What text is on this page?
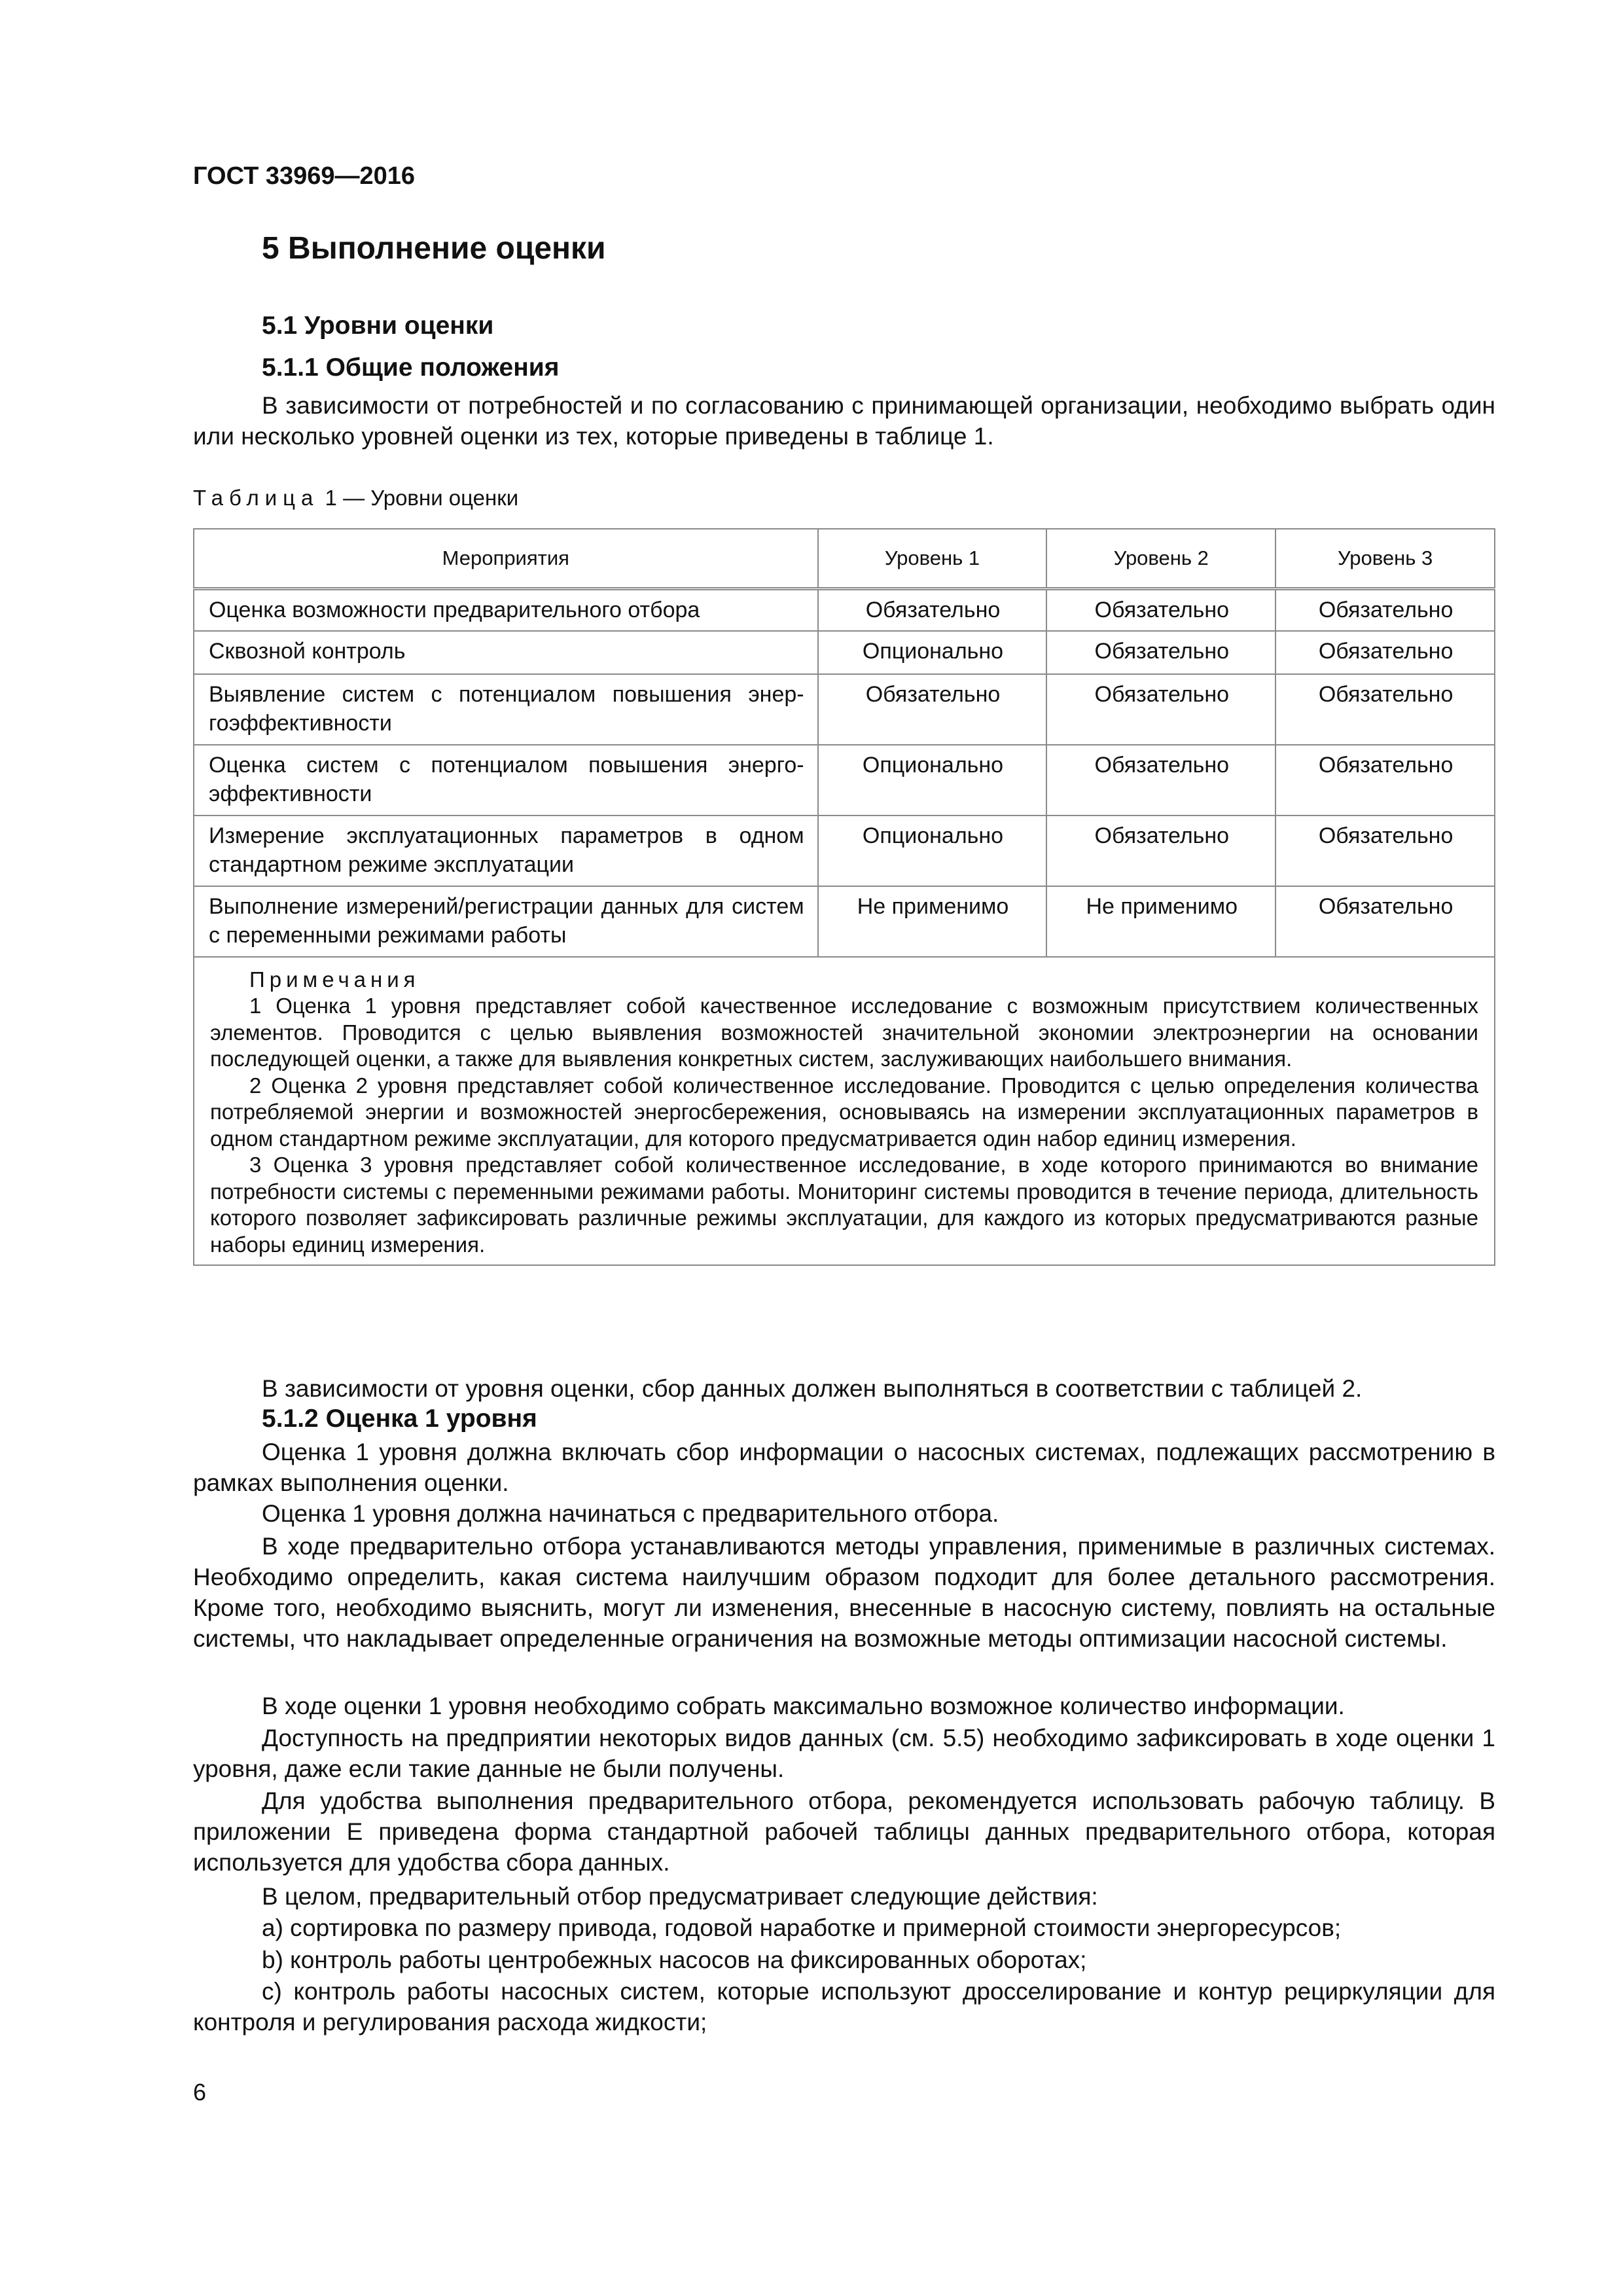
ГОСТ 33969—2016
5 Выполнение оценки
5.1 Уровни оценки
5.1.1 Общие положения
В зависимости от потребностей и по согласованию с принимающей организации, необходимо выбрать один или несколько уровней оценки из тех, которые приведены в таблице 1.
Таблица 1 — Уровни оценки
Мероприятия	Уровень 1	Уровень 2	Уровень 3
Оценка возможности предварительного отбора	Обязательно	Обязательно	Обязательно
Сквозной контроль	Опционально	Обязательно	Обязательно
Выявление систем с потенциалом повышения энергоэффективности	Обязательно	Обязательно	Обязательно
Оценка систем с потенциалом повышения энергоэффективности	Опционально	Обязательно	Обязательно
Измерение эксплуатационных параметров в одном стандартном режиме эксплуатации	Опционально	Обязательно	Обязательно
Выполнение измерений/регистрации данных для систем с переменными режимами работы	Не применимо	Не применимо	Обязательно

Примечания
1 Оценка 1 уровня представляет собой качественное исследование с возможным присутствием количественных элементов. Проводится с целью выявления возможностей значительной экономии электроэнергии на основании последующей оценки, а также для выявления конкретных систем, заслуживающих наибольшего внимания.
2 Оценка 2 уровня представляет собой количественное исследование. Проводится с целью определения количества потребляемой энергии и возможностей энергосбережения, основываясь на измерении эксплуатационных параметров в одном стандартном режиме эксплуатации, для которого предусматривается один набор единиц измерения.
3 Оценка 3 уровня представляет собой количественное исследование, в ходе которого принимаются во внимание потребности системы с переменными режимами работы. Мониторинг системы проводится в течение периода, длительность которого позволяет зафиксировать различные режимы эксплуатации, для каждого из которых предусматриваются разные наборы единиц измерения.			
В зависимости от уровня оценки, сбор данных должен выполняться в соответствии с таблицей 2.
5.1.2 Оценка 1 уровня
Оценка 1 уровня должна включать сбор информации о насосных системах, подлежащих рассмотрению в рамках выполнения оценки.
Оценка 1 уровня должна начинаться с предварительного отбора.
В ходе предварительно отбора устанавливаются методы управления, применимые в различных системах. Необходимо определить, какая система наилучшим образом подходит для более детального рассмотрения. Кроме того, необходимо выяснить, могут ли изменения, внесенные в насосную систему, повлиять на остальные системы, что накладывает определенные ограничения на возможные методы оптимизации насосной системы.
В ходе оценки 1 уровня необходимо собрать максимально возможное количество информации.
Доступность на предприятии некоторых видов данных (см. 5.5) необходимо зафиксировать в ходе оценки 1 уровня, даже если такие данные не были получены.
Для удобства выполнения предварительного отбора, рекомендуется использовать рабочую таблицу. В приложении Е приведена форма стандартной рабочей таблицы данных предварительного отбора, которая используется для удобства сбора данных.
В целом, предварительный отбор предусматривает следующие действия:
a) сортировка по размеру привода, годовой наработке и примерной стоимости энергоресурсов;
b) контроль работы центробежных насосов на фиксированных оборотах;
c) контроль работы насосных систем, которые используют дросселирование и контур рециркуляции для контроля и регулирования расхода жидкости;
6
